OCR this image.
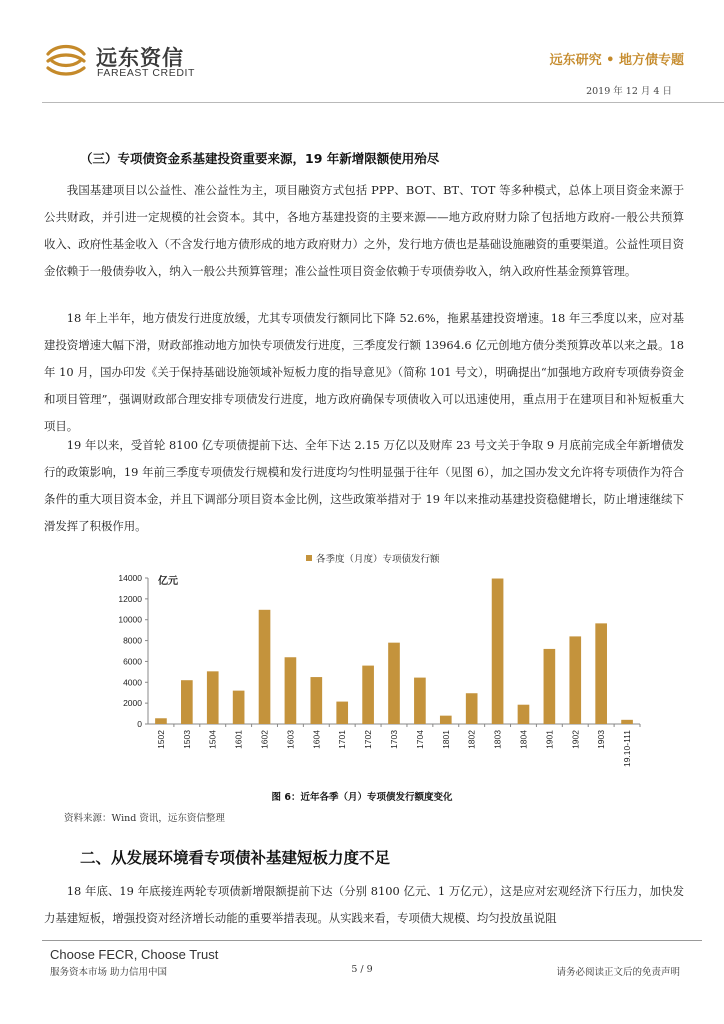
远东资信
FAREAST CREDIT
远东研究 • 地方债专题
2019 年 12 月 4 日
（三）专项债资金系基建投资重要来源，19 年新增限额使用殆尽
我国基建项目以公益性、准公益性为主，项目融资方式包括 PPP、BOT、BT、TOT 等多种模式，总体上项目资金来源于公共财政，并引进一定规模的社会资本。其中，各地方基建投资的主要来源——地方政府财力除了包括地方政府-一般公共预算收入、政府性基金收入（不含发行地方债形成的地方政府财力）之外，发行地方债也是基础设施融资的重要渠道。公益性项目资金依赖于一般债券收入，纳入一般公共预算管理；准公益性项目资金依赖于专项债券收入，纳入政府性基金预算管理。
18 年上半年，地方债发行进度放缓，尤其专项债发行额同比下降 52.6%，拖累基建投资增速。18 年三季度以来，应对基建投资增速大幅下滑，财政部推动地方加快专项债发行进度，三季度发行额 13964.6 亿元创地方债分类预算改革以来之最。18 年 10 月，国办印发《关于保持基础设施领域补短板力度的指导意见》（简称 101 号文），明确提出“加强地方政府专项债券资金和项目管理”，强调财政部合理安排专项债发行进度，地方政府确保专项债收入可以迅速使用，重点用于在建项目和补短板重大项目。
19 年以来，受首轮 8100 亿专项债提前下达、全年下达 2.15 万亿以及财库 23 号文关于争取 9 月底前完成全年新增债发行的政策影响，19 年前三季度专项债发行规模和发行进度均匀性明显强于往年（见图 6），加之国办发文允许将专项债作为符合条件的重大项目资本金，并且下调部分项目资本金比例，这些政策举措对于 19 年以来推动基建投资稳健增长，防止增速继续下滑发挥了积极作用。
各季度（月度）专项债发行额
亿元
0
2000
4000
6000
8000
10000
12000
14000
1502 1503 1504 1601 1602 1603 1604 1701 1702 1703 1704 1801 1802 1803 1804 1901 1902 1903 19.10-111
图 6：近年各季（月）专项债发行额度变化
资料来源：Wind 资讯，远东资信整理
二、从发展环境看专项债补基建短板力度不足
18 年底、19 年底接连两轮专项债新增限额提前下达（分别 8100 亿元、1 万亿元），这是应对宏观经济下行压力，加快发力基建短板，增强投资对经济增长动能的重要举措表现。从实践来看，专项债大规模、均匀投放虽说阻
Choose FECR, Choose Trust
服务资本市场 助力信用中国	5 / 9	请务必阅读正文后的免责声明
